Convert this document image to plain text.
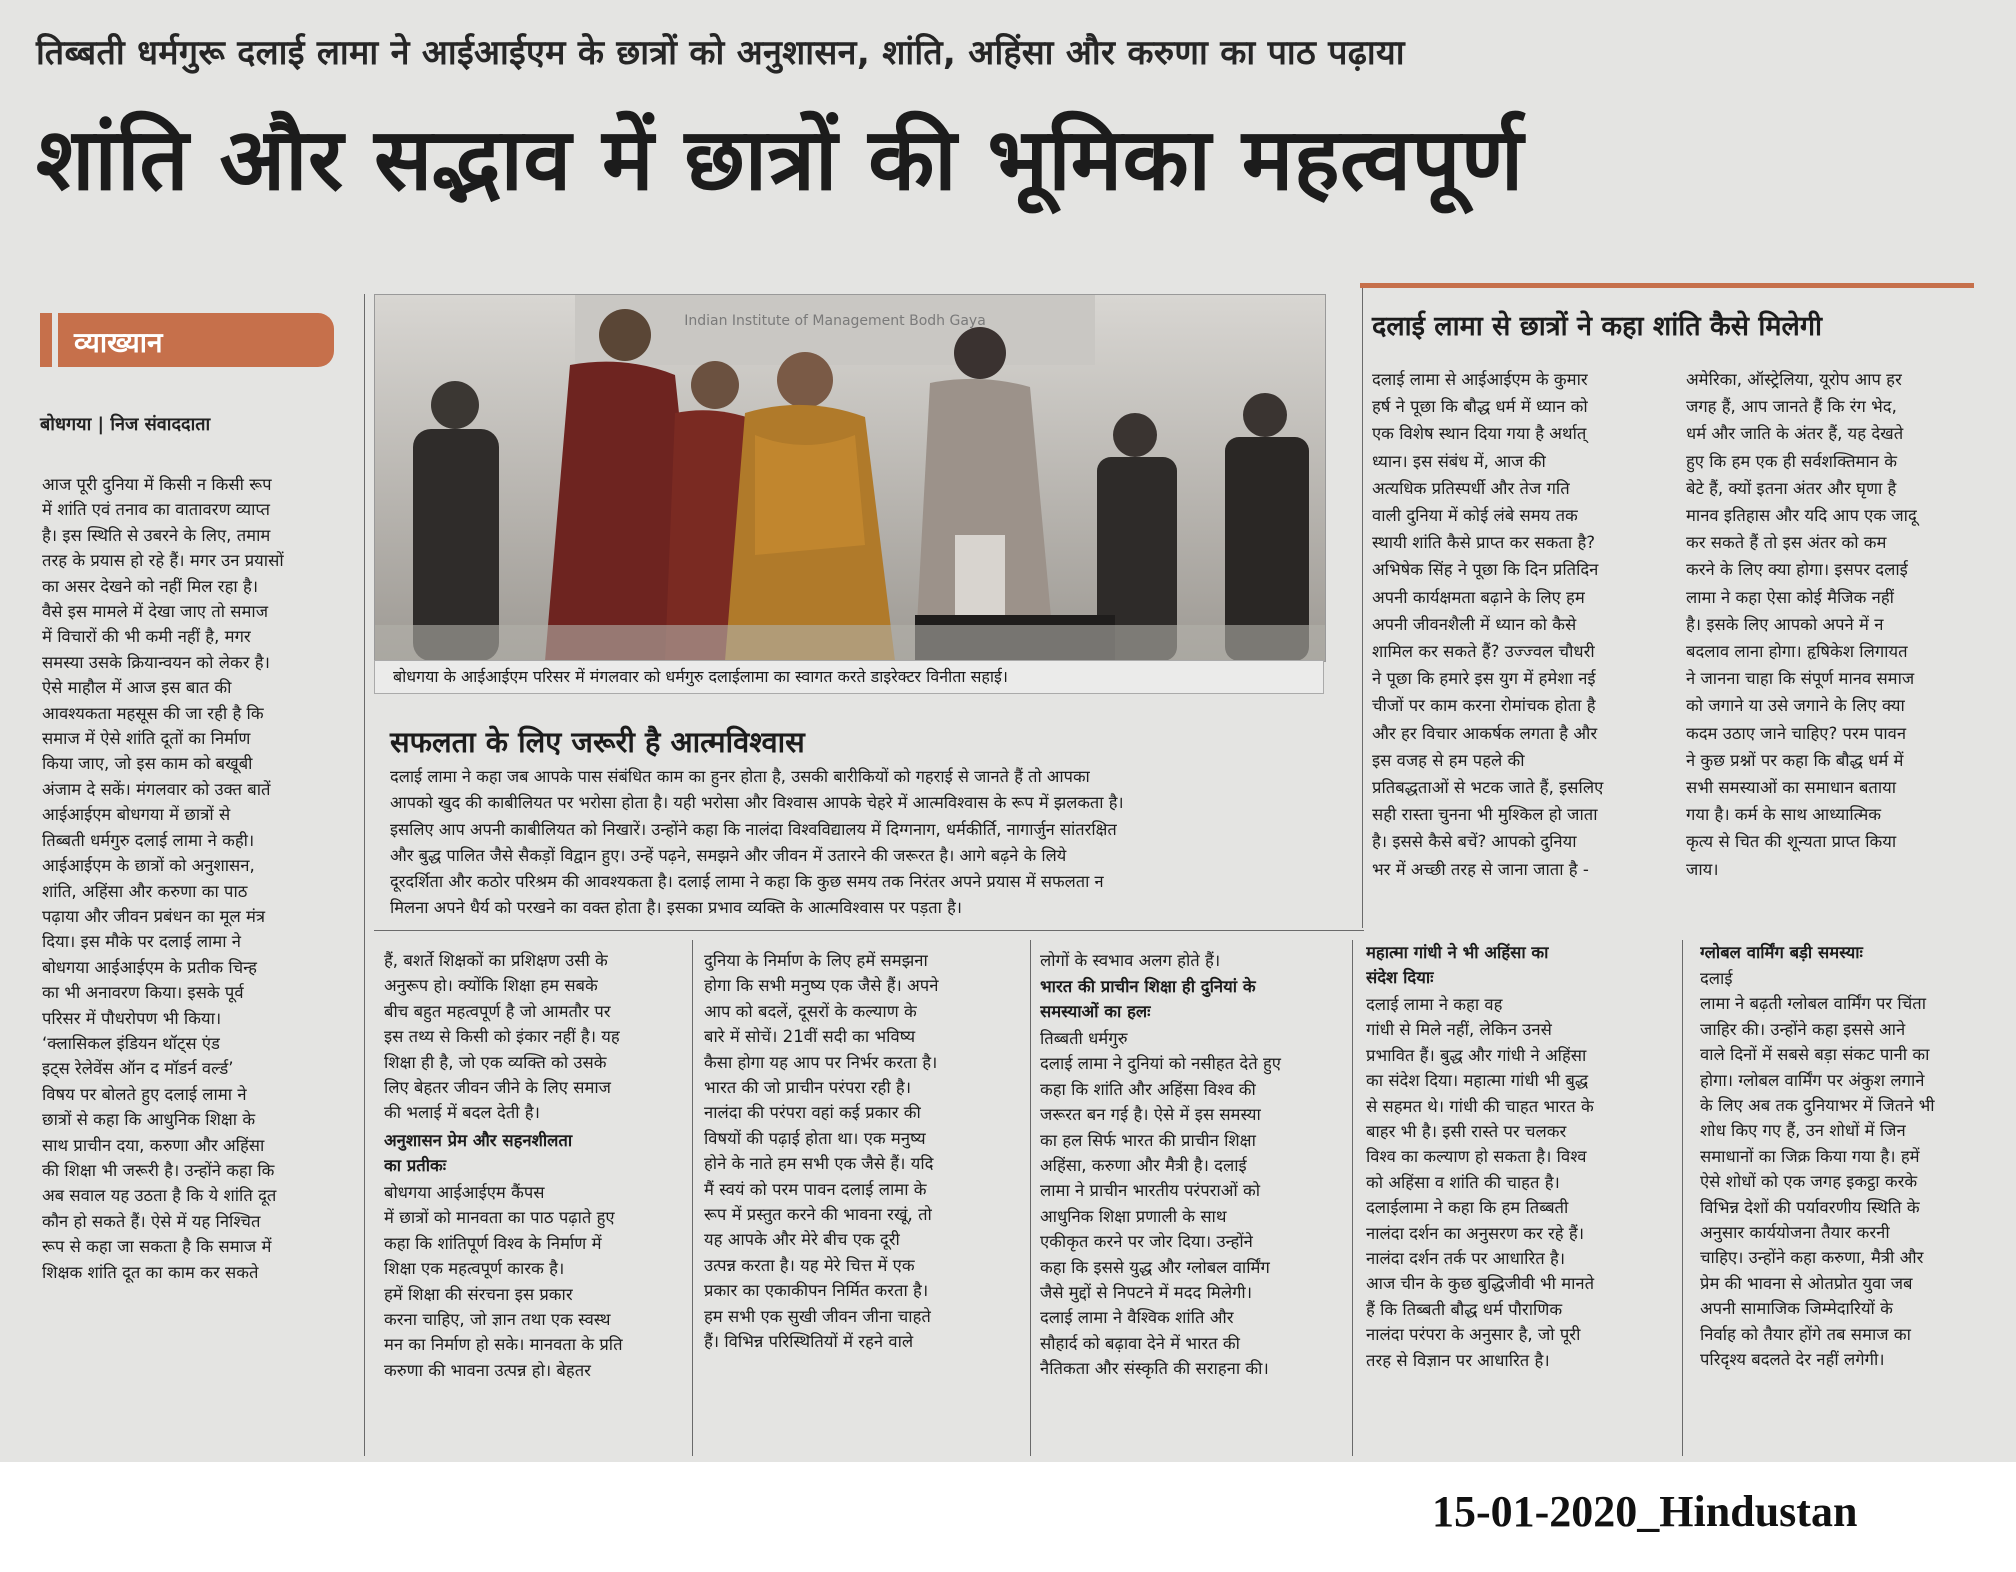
तिब्बती धर्मगुरू दलाई लामा ने आईआईएम के छात्रों को अनुशासन, शांति, अहिंसा और करुणा का पाठ पढ़ाया
शांति और सद्भाव में छात्रों की भूमिका महत्वपूर्ण
व्याख्यान
बोधगया | निज संवाददाता
आज पूरी दुनिया में किसी न किसी रूप
में शांति एवं तनाव का वातावरण व्याप्त
है। इस स्थिति से उबरने के लिए, तमाम
तरह के प्रयास हो रहे हैं। मगर उन प्रयासों
का असर देखने को नहीं मिल रहा है।
वैसे इस मामले में देखा जाए तो समाज
में विचारों की भी कमी नहीं है, मगर
समस्या उसके क्रियान्वयन को लेकर है।
ऐसे माहौल में आज इस बात की
आवश्यकता महसूस की जा रही है कि
समाज में ऐसे शांति दूतों का निर्माण
किया जाए, जो इस काम को बखूबी
अंजाम दे सकें। मंगलवार को उक्त बातें
आईआईएम बोधगया में छात्रों से
तिब्बती धर्मगुरु दलाई लामा ने कही।
आईआईएम के छात्रों को अनुशासन,
शांति, अहिंसा और करुणा का पाठ
पढ़ाया और जीवन प्रबंधन का मूल मंत्र
दिया। इस मौके पर दलाई लामा ने
बोधगया आईआईएम के प्रतीक चिन्ह
का भी अनावरण किया। इसके पूर्व
परिसर में पौधरोपण भी किया।
‘क्लासिकल इंडियन थॉट्स एंड
इट्स रेलेवेंस ऑन द मॉडर्न वर्ल्ड’
विषय पर बोलते हुए दलाई लामा ने
छात्रों से कहा कि आधुनिक शिक्षा के
साथ प्राचीन दया, करुणा और अहिंसा
की शिक्षा भी जरूरी है। उन्होंने कहा कि
अब सवाल यह उठता है कि ये शांति दूत
कौन हो सकते हैं। ऐसे में यह निश्चित
रूप से कहा जा सकता है कि समाज में
शिक्षक शांति दूत का काम कर सकते
Indian Institute of Management Bodh Gaya
बोधगया के आईआईएम परिसर में मंगलवार को धर्मगुरु दलाईलामा का स्वागत करते डाइरेक्टर विनीता सहाई।
सफलता के लिए जरूरी है आत्मविश्वास
दलाई लामा ने कहा जब आपके पास संबंधित काम का हुनर होता है, उसकी बारीकियों को गहराई से जानते हैं तो आपका
आपको खुद की काबीलियत पर भरोसा होता है। यही भरोसा और विश्वास आपके चेहरे में आत्मविश्वास के रूप में झलकता है।
इसलिए आप अपनी काबीलियत को निखारें। उन्होंने कहा कि नालंदा विश्वविद्यालय में दिग्गनाग, धर्मकीर्ति, नागार्जुन सांतरक्षित
और बुद्ध पालित जैसे सैकड़ों विद्वान हुए। उन्हें पढ़ने, समझने और जीवन में उतारने की जरूरत है। आगे बढ़ने के लिये
दूरदर्शिता और कठोर परिश्रम की आवश्यकता है। दलाई लामा ने कहा कि कुछ समय तक निरंतर अपने प्रयास में सफलता न
मिलना अपने धैर्य को परखने का वक्त होता है। इसका प्रभाव व्यक्ति के आत्मविश्वास पर पड़ता है।
दलाई लामा से छात्रों ने कहा शांति कैसे मिलेगी
दलाई लामा से आईआईएम के कुमार
हर्ष ने पूछा कि बौद्ध धर्म में ध्यान को
एक विशेष स्थान दिया गया है अर्थात्
ध्यान। इस संबंध में, आज की
अत्यधिक प्रतिस्पर्धी और तेज गति
वाली दुनिया में कोई लंबे समय तक
स्थायी शांति कैसे प्राप्त कर सकता है?
अभिषेक सिंह ने पूछा कि दिन प्रतिदिन
अपनी कार्यक्षमता बढ़ाने के लिए हम
अपनी जीवनशैली में ध्यान को कैसे
शामिल कर सकते हैं? उज्ज्वल चौधरी
ने पूछा कि हमारे इस युग में हमेशा नई
चीजों पर काम करना रोमांचक होता है
और हर विचार आकर्षक लगता है और
इस वजह से हम पहले की
प्रतिबद्धताओं से भटक जाते हैं, इसलिए
सही रास्ता चुनना भी मुश्किल हो जाता
है। इससे कैसे बचें? आपको दुनिया
भर में अच्छी तरह से जाना जाता है -
अमेरिका, ऑस्ट्रेलिया, यूरोप आप हर
जगह हैं, आप जानते हैं कि रंग भेद,
धर्म और जाति के अंतर हैं, यह देखते
हुए कि हम एक ही सर्वशक्तिमान के
बेटे हैं, क्यों इतना अंतर और घृणा है
मानव इतिहास और यदि आप एक जादू
कर सकते हैं तो इस अंतर को कम
करने के लिए क्या होगा। इसपर दलाई
लामा ने कहा ऐसा कोई मैजिक नहीं
है। इसके लिए आपको अपने में न
बदलाव लाना होगा। हृषिकेश लिगायत
ने जानना चाहा कि संपूर्ण मानव समाज
को जगाने या उसे जगाने के लिए क्या
कदम उठाए जाने चाहिए? परम पावन
ने कुछ प्रश्नों पर कहा कि बौद्ध धर्म में
सभी समस्याओं का समाधान बताया
गया है। कर्म के साथ आध्यात्मिक
कृत्य से चित की शून्यता प्राप्त किया
जाय।
हैं, बशर्ते शिक्षकों का प्रशिक्षण उसी के
अनुरूप हो। क्योंकि शिक्षा हम सबके
बीच बहुत महत्वपूर्ण है जो आमतौर पर
इस तथ्य से किसी को इंकार नहीं है। यह
शिक्षा ही है, जो एक व्यक्ति को उसके
लिए बेहतर जीवन जीने के लिए समाज
की भलाई में बदल देती है।
अनुशासन प्रेम और सहनशीलता
का प्रतीकः
बोधगया आईआईएम कैंपस
में छात्रों को मानवता का पाठ पढ़ाते हुए
कहा कि शांतिपूर्ण विश्व के निर्माण में
शिक्षा एक महत्वपूर्ण कारक है।
हमें शिक्षा की संरचना इस प्रकार
करना चाहिए, जो ज्ञान तथा एक स्वस्थ
मन का निर्माण हो सके। मानवता के प्रति
करुणा की भावना उत्पन्न हो। बेहतर
दुनिया के निर्माण के लिए हमें समझना
होगा कि सभी मनुष्य एक जैसे हैं। अपने
आप को बदलें, दूसरों के कल्याण के
बारे में सोचें। 21वीं सदी का भविष्य
कैसा होगा यह आप पर निर्भर करता है।
भारत की जो प्राचीन परंपरा रही है।
नालंदा की परंपरा वहां कई प्रकार की
विषयों की पढ़ाई होता था। एक मनुष्य
होने के नाते हम सभी एक जैसे हैं। यदि
मैं स्वयं को परम पावन दलाई लामा के
रूप में प्रस्तुत करने की भावना रखूं, तो
यह आपके और मेरे बीच एक दूरी
उत्पन्न करता है। यह मेरे चित्त में एक
प्रकार का एकाकीपन निर्मित करता है।
हम सभी एक सुखी जीवन जीना चाहते
हैं। विभिन्न परिस्थितियों में रहने वाले
लोगों के स्वभाव अलग होते हैं।
भारत की प्राचीन शिक्षा ही दुनियां के
समस्याओं का हलः
तिब्बती धर्मगुरु
दलाई लामा ने दुनियां को नसीहत देते हुए
कहा कि शांति और अहिंसा विश्व की
जरूरत बन गई है। ऐसे में इस समस्या
का हल सिर्फ भारत की प्राचीन शिक्षा
अहिंसा, करुणा और मैत्री है। दलाई
लामा ने प्राचीन भारतीय परंपराओं को
आधुनिक शिक्षा प्रणाली के साथ
एकीकृत करने पर जोर दिया। उन्होंने
कहा कि इससे युद्ध और ग्लोबल वार्मिंग
जैसे मुद्दों से निपटने में मदद मिलेगी।
दलाई लामा ने वैश्विक शांति और
सौहार्द को बढ़ावा देने में भारत की
नैतिकता और संस्कृति की सराहना की।
महात्मा गांधी ने भी अहिंसा का
संदेश दियाः
दलाई लामा ने कहा वह
गांधी से मिले नहीं, लेकिन उनसे
प्रभावित हैं। बुद्ध और गांधी ने अहिंसा
का संदेश दिया। महात्मा गांधी भी बुद्ध
से सहमत थे। गांधी की चाहत भारत के
बाहर भी है। इसी रास्ते पर चलकर
विश्व का कल्याण हो सकता है। विश्व
को अहिंसा व शांति की चाहत है।
दलाईलामा ने कहा कि हम तिब्बती
नालंदा दर्शन का अनुसरण कर रहे हैं।
नालंदा दर्शन तर्क पर आधारित है।
आज चीन के कुछ बुद्धिजीवी भी मानते
हैं कि तिब्बती बौद्ध धर्म पौराणिक
नालंदा परंपरा के अनुसार है, जो पूरी
तरह से विज्ञान पर आधारित है।
ग्लोबल वार्मिंग बड़ी समस्याः
दलाई
लामा ने बढ़ती ग्लोबल वार्मिंग पर चिंता
जाहिर की। उन्होंने कहा इससे आने
वाले दिनों में सबसे बड़ा संकट पानी का
होगा। ग्लोबल वार्मिंग पर अंकुश लगाने
के लिए अब तक दुनियाभर में जितने भी
शोध किए गए हैं, उन शोधों में जिन
समाधानों का जिक्र किया गया है। हमें
ऐसे शोधों को एक जगह इकट्ठा करके
विभिन्न देशों की पर्यावरणीय स्थिति के
अनुसार कार्ययोजना तैयार करनी
चाहिए। उन्होंने कहा करुणा, मैत्री और
प्रेम की भावना से ओतप्रोत युवा जब
अपनी सामाजिक जिम्मेदारियों के
निर्वाह को तैयार होंगे तब समाज का
परिदृश्य बदलते देर नहीं लगेगी।
15-01-2020_Hindustan
